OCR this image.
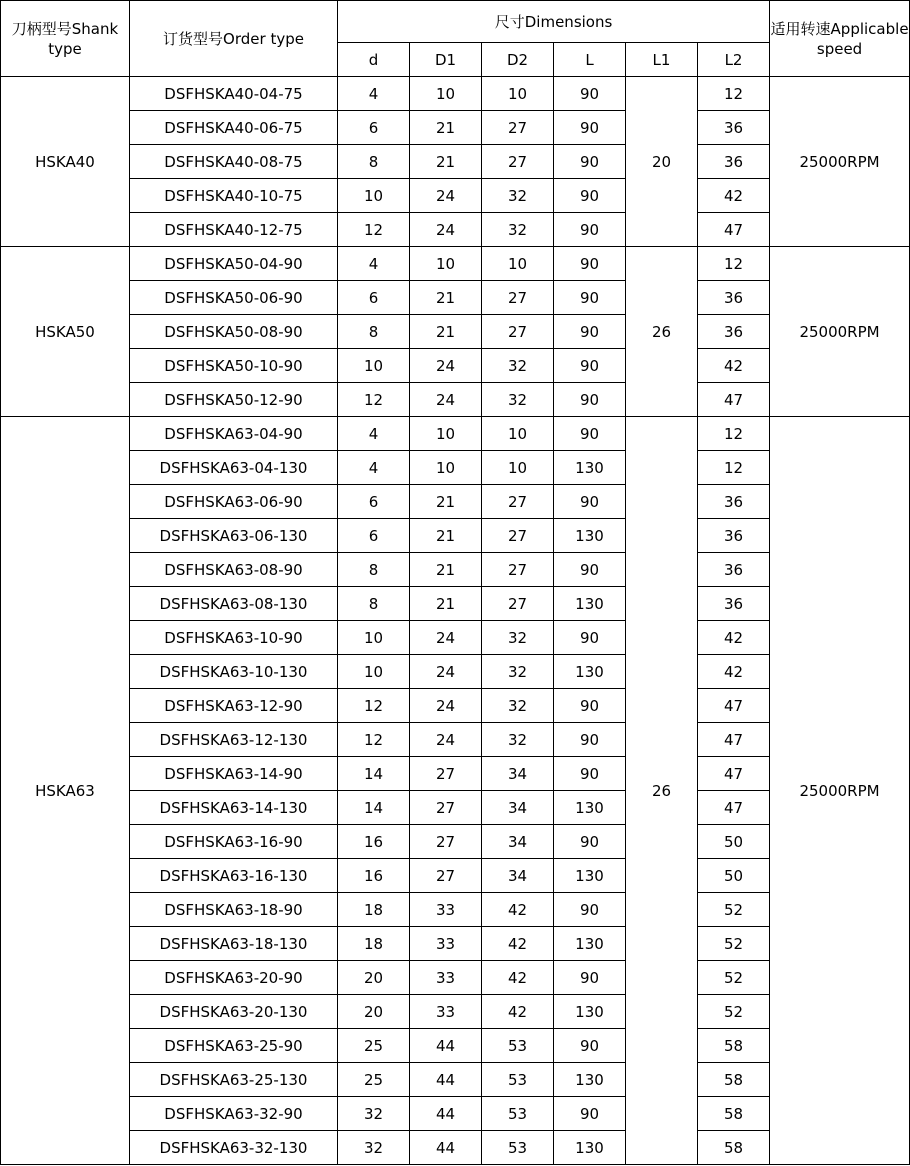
刀柄型号Shank type	订货型号Order type	尺寸Dimensions						适用转速Applicable speed
		d	D1	D2	L	L1	L2	
HSKA40	DSFHSKA40-04-75	4	10	10	90	20	12	25000RPM
	DSFHSKA40-06-75	6	21	27	90		36	
	DSFHSKA40-08-75	8	21	27	90		36	
	DSFHSKA40-10-75	10	24	32	90		42	
	DSFHSKA40-12-75	12	24	32	90		47	
HSKA50	DSFHSKA50-04-90	4	10	10	90	26	12	25000RPM
	DSFHSKA50-06-90	6	21	27	90		36	
	DSFHSKA50-08-90	8	21	27	90		36	
	DSFHSKA50-10-90	10	24	32	90		42	
	DSFHSKA50-12-90	12	24	32	90		47	
HSKA63	DSFHSKA63-04-90	4	10	10	90	26	12	25000RPM
	DSFHSKA63-04-130	4	10	10	130		12	
	DSFHSKA63-06-90	6	21	27	90		36	
	DSFHSKA63-06-130	6	21	27	130		36	
	DSFHSKA63-08-90	8	21	27	90		36	
	DSFHSKA63-08-130	8	21	27	130		36	
	DSFHSKA63-10-90	10	24	32	90		42	
	DSFHSKA63-10-130	10	24	32	130		42	
	DSFHSKA63-12-90	12	24	32	90		47	
	DSFHSKA63-12-130	12	24	32	90		47	
	DSFHSKA63-14-90	14	27	34	90		47	
	DSFHSKA63-14-130	14	27	34	130		47	
	DSFHSKA63-16-90	16	27	34	90		50	
	DSFHSKA63-16-130	16	27	34	130		50	
	DSFHSKA63-18-90	18	33	42	90		52	
	DSFHSKA63-18-130	18	33	42	130		52	
	DSFHSKA63-20-90	20	33	42	90		52	
	DSFHSKA63-20-130	20	33	42	130		52	
	DSFHSKA63-25-90	25	44	53	90		58	
	DSFHSKA63-25-130	25	44	53	130		58	
	DSFHSKA63-32-90	32	44	53	90		58	
	DSFHSKA63-32-130	32	44	53	130		58	
